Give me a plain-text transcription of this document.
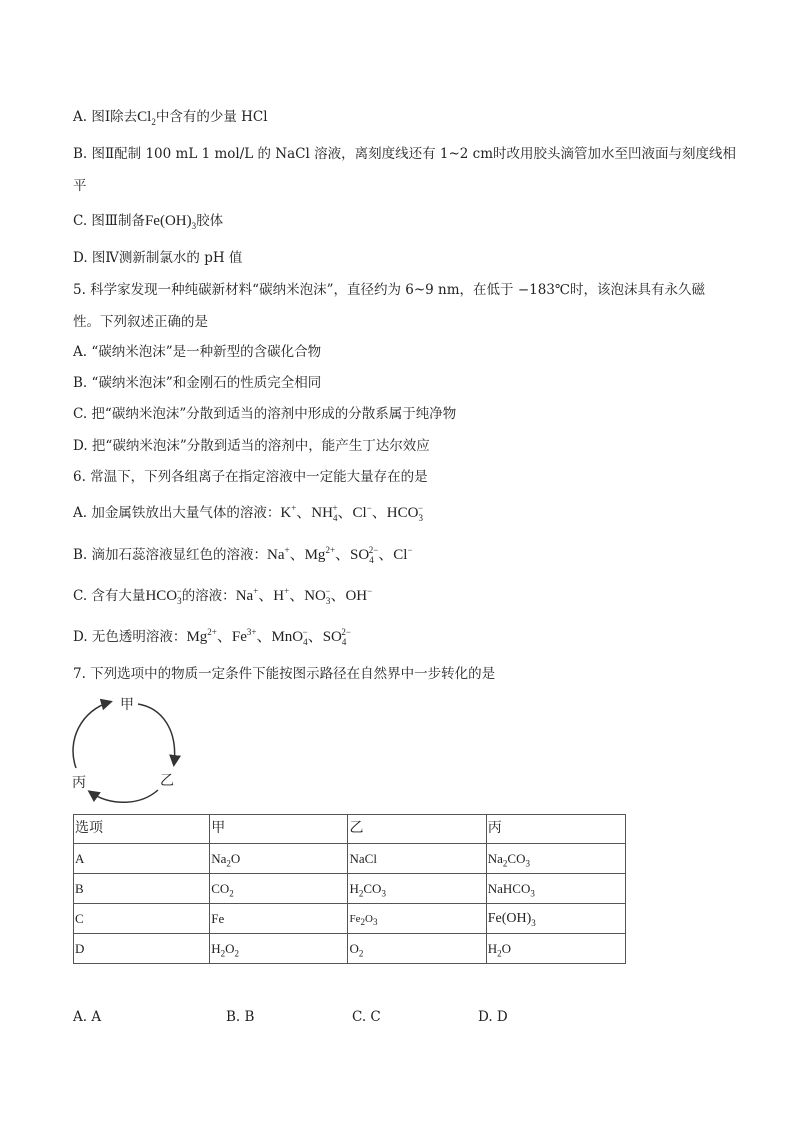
A. 图Ⅰ除去$Cl_2$中含有的少量 HCl
B. 图Ⅱ配制 100 mL 1 mol/L 的 NaCl 溶液，离刻度线还有 1~2 cm时改用胶头滴管加水至凹液面与刻度线相
平
C. 图Ⅲ制备$Fe(OH)_3$胶体
D. 图Ⅳ测新制氯水的 pH 值
5. 科学家发现一种纯碳新材料“碳纳米泡沫”，直径约为 6~9 nm，在低于 −183℃时，该泡沫具有永久磁
性。下列叙述正确的是
A. “碳纳米泡沫”是一种新型的含碳化合物
B. “碳纳米泡沫”和金刚石的性质完全相同
C. 把“碳纳米泡沫”分散到适当的溶剂中形成的分散系属于纯净物
D. 把“碳纳米泡沫”分散到适当的溶剂中，能产生丁达尔效应
6. 常温下，下列各组离子在指定溶液中一定能大量存在的是
A. 加金属铁放出大量气体的溶液：K+、$NH_4^+$、Cl−、$HCO_3^-$
B. 滴加石蕊溶液显红色的溶液：Na+、$Mg^{2+}$、$SO_4^{2-}$、Cl−
C. 含有大量$HCO_3^-$的溶液：Na+、H+、$NO_3^-$、OH−
D. 无色透明溶液：$Mg^{2+}$、$Fe^{3+}$、MnO$_4$−、$SO_4^{2-}$
7. 下列选项中的物质一定条件下能按图示路径在自然界中一步转化的是
甲
乙
丙
选项	甲	乙	丙
A	$Na_2O$	NaCl	$Na_2CO_3$
B	$CO_2$	$H_2CO_3$	NaHCO$_3$
C	Fe	$Fe_2O_3$	$Fe(OH)_3$
D	$H_2O_2$	$O_2$	$H_2O$
A. A	B. B	C. C	D. D
